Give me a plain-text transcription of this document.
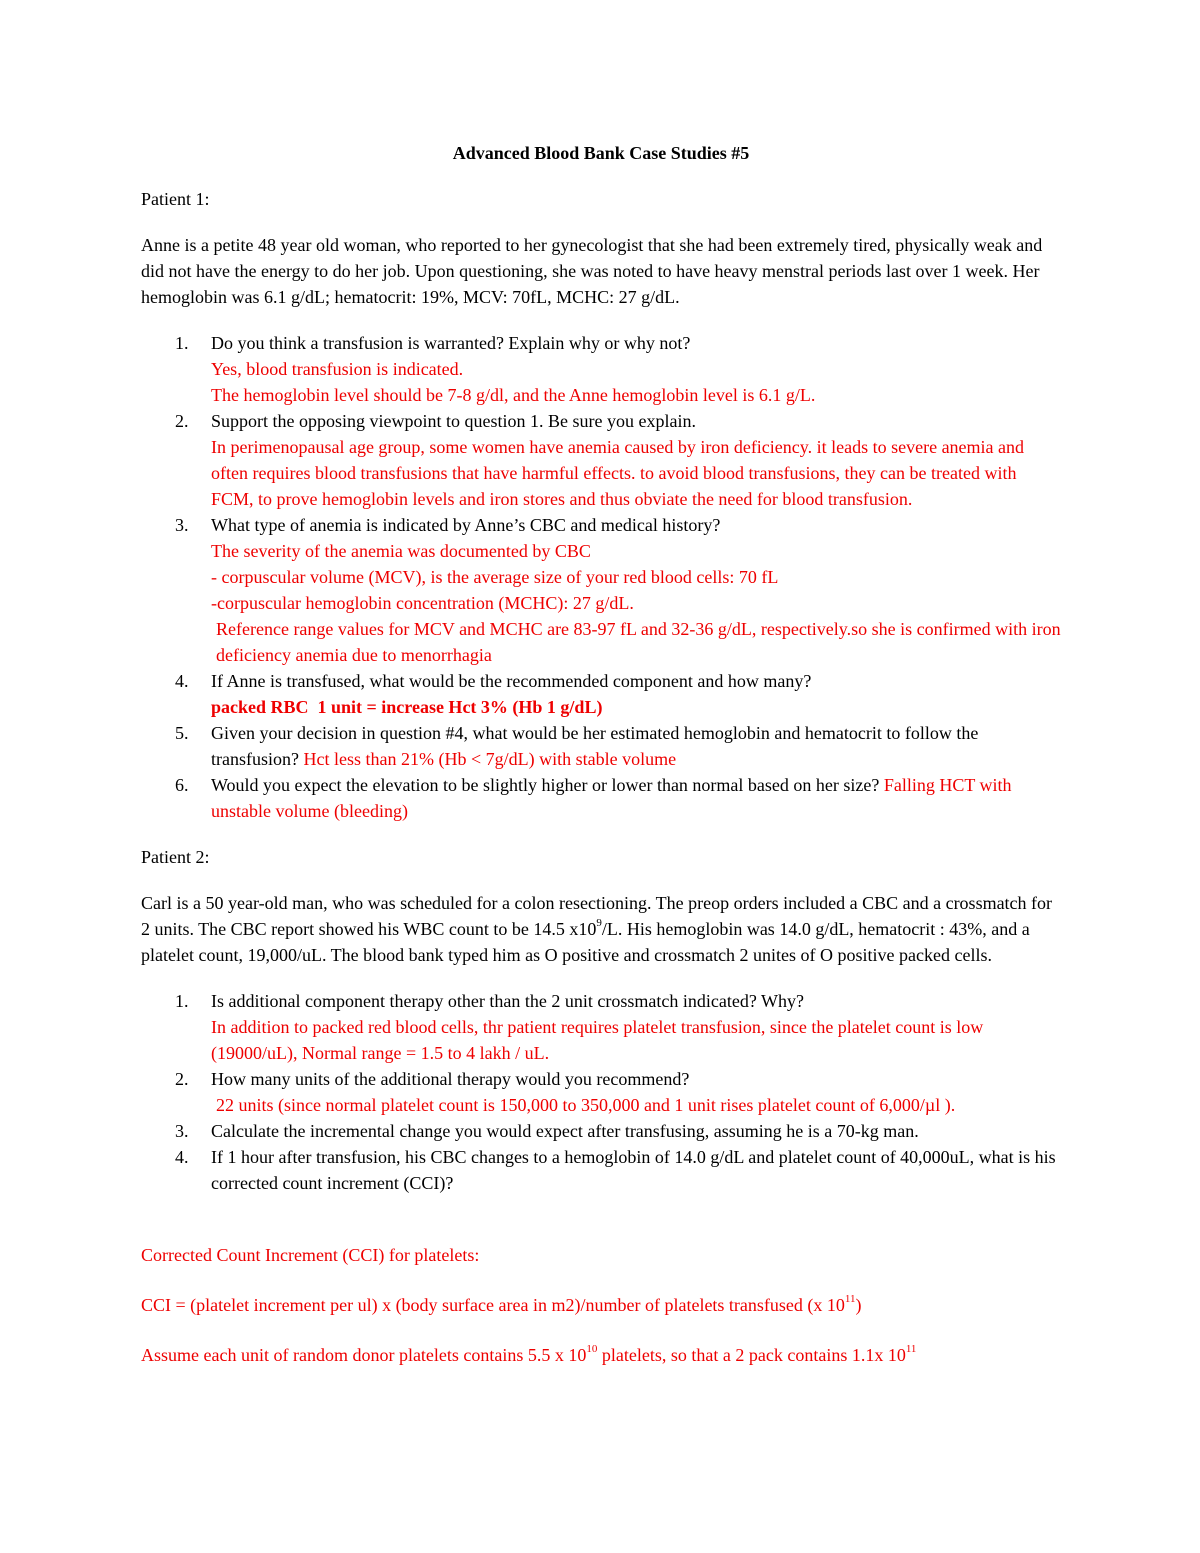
Advanced Blood Bank Case Studies #5

Patient 1:

Anne is a petite 48 year old woman, who reported to her gynecologist that she had been extremely tired, physically weak and did not have the energy to do her job. Upon questioning, she was noted to have heavy menstral periods last over 1 week. Her hemoglobin was 6.1 g/dL; hematocrit: 19%, MCV: 70fL, MCHC: 27 g/dL.

1. Do you think a transfusion is warranted? Explain why or why not?
Yes, blood transfusion is indicated.
The hemoglobin level should be 7-8 g/dl, and the Anne hemoglobin level is 6.1 g/L.
2. Support the opposing viewpoint to question 1. Be sure you explain.
In perimenopausal age group, some women have anemia caused by iron deficiency. it leads to severe anemia and often requires blood transfusions that have harmful effects. to avoid blood transfusions, they can be treated with FCM, to prove hemoglobin levels and iron stores and thus obviate the need for blood transfusion.
3. What type of anemia is indicated by Anne’s CBC and medical history?
The severity of the anemia was documented by CBC
- corpuscular volume (MCV), is the average size of your red blood cells: 70 fL
-corpuscular hemoglobin concentration (MCHC): 27 g/dL.
Reference range values for MCV and MCHC are 83-97 fL and 32-36 g/dL, respectively.so she is confirmed with iron deficiency anemia due to menorrhagia
4. If Anne is transfused, what would be the recommended component and how many?
packed RBC  1 unit = increase Hct 3% (Hb 1 g/dL)
5. Given your decision in question #4, what would be her estimated hemoglobin and hematocrit to follow the transfusion? Hct less than 21% (Hb < 7g/dL) with stable volume
6. Would you expect the elevation to be slightly higher or lower than normal based on her size? Falling HCT with unstable volume (bleeding)

Patient 2:

Carl is a 50 year-old man, who was scheduled for a colon resectioning. The preop orders included a CBC and a crossmatch for 2 units. The CBC report showed his WBC count to be 14.5 $x10^9/L$. His hemoglobin was 14.0 g/dL, hematocrit : 43%, and a platelet count, 19,000/uL. The blood bank typed him as O positive and crossmatch 2 unites of O positive packed cells.

1. Is additional component therapy other than the 2 unit crossmatch indicated? Why?
In addition to packed red blood cells, thr patient requires platelet transfusion, since the platelet count is low (19000/uL), Normal range = 1.5 to 4 lakh / uL.
2. How many units of the additional therapy would you recommend?
22 units (since normal platelet count is 150,000 to 350,000 and 1 unit rises platelet count of 6,000/µl ).
3. Calculate the incremental change you would expect after transfusing, assuming he is a 70-kg man.
4. If 1 hour after transfusion, his CBC changes to a hemoglobin of 14.0 g/dL and platelet count of 40,000uL, what is his corrected count increment (CCI)?

Corrected Count Increment (CCI) for platelets:

CCI = (platelet increment per ul) x (body surface area in m2)/number of platelets transfused (x $10^{11}$)

Assume each unit of random donor platelets contains 5.5 x $10^{10}$ platelets, so that a 2 pack contains 1.1x $10^{11}$
